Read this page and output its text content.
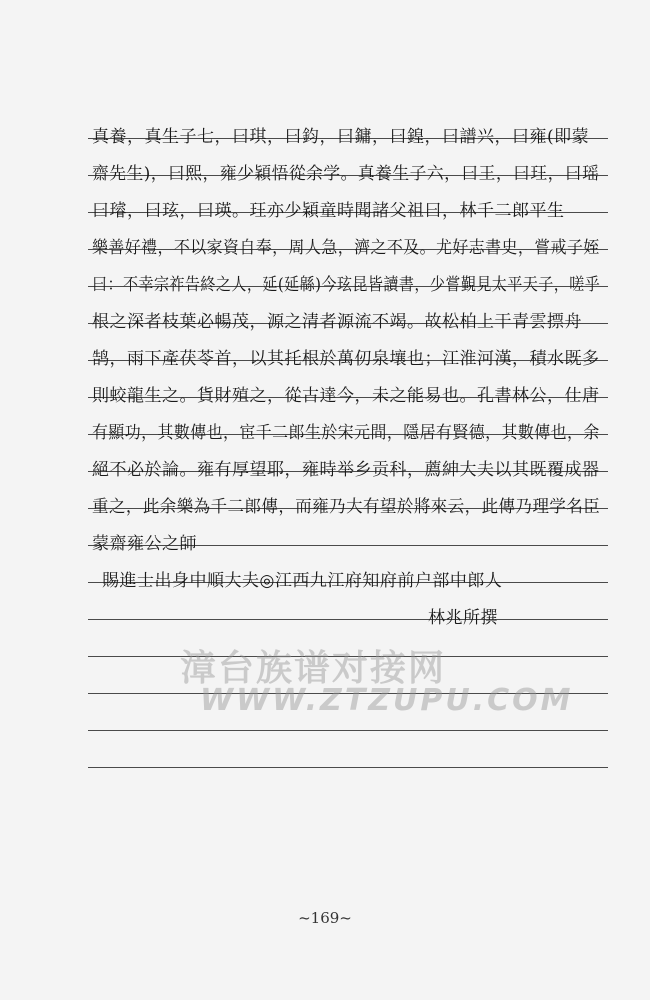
真養，真生子七，曰琪，曰鈞，曰鏞，曰鍠，曰譜兴，曰雍(即蒙
齋先生)，曰熙，雍少穎悟從余学。真養生子六，曰王，曰玨，曰瑶
曰璿，曰玹，曰瑛。玨亦少穎童時聞諸父祖曰，林千二郎平生
樂善好禮，不以家資自奉，周人急，濟之不及。尤好志書史，嘗戒子姪
曰：不幸宗祚告終之人，延(延緜)今玹昆皆讀書，少嘗覲見太平天子，嗟乎
根之深者枝葉必暢茂，源之清者源流不竭。故松柏上干青雲摽舟
鹄，雨下產茯苓首，以其托根於萬仞泉壤也；江淮河漢，積水既多
則蛟龍生之。貨財殖之，從古達今，未之能易也。孔書林公，仕唐
有顯功，其數傳也，宦千二郎生於宋元間，隱居有賢德，其數傳也，余
絕不必於論。雍有厚望耶，雍時举乡贡科，薦紳大夫以其既覆成器
重之，此余樂為千二郎傳，而雍乃大有望於將來云，此傳乃理学名臣
蒙齋雍公之師
賜進士出身中順大夫◎江西九江府知府前户部中郎人
林兆所撰
漳台族谱对接网
WWW.ZTZUPU.COM
~169~
